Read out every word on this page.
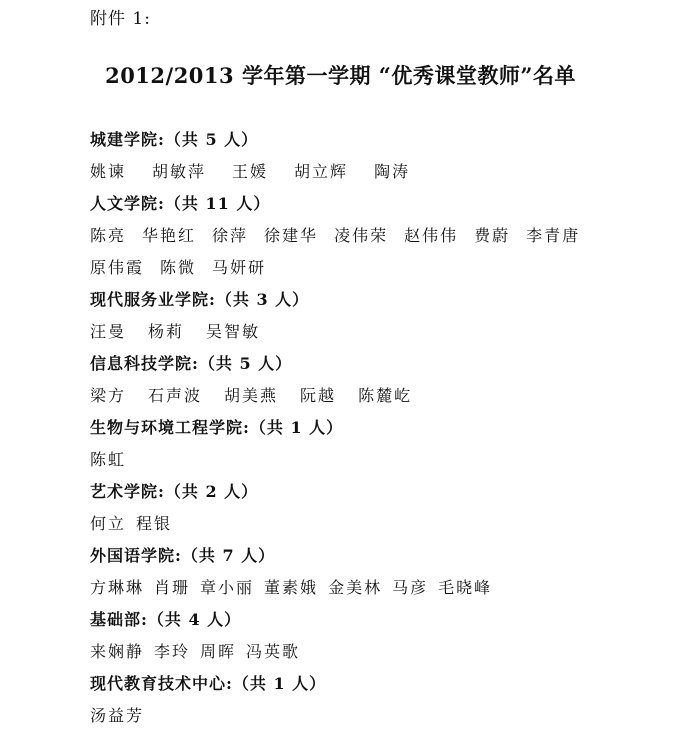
附件 1:
2012/2013 学年第一学期 “优秀课堂教师”名单
城建学院:（共 5 人）
姚谏 胡敏萍 王媛 胡立辉 陶涛
人文学院:（共 11 人）
陈亮 华艳红 徐萍 徐建华 凌伟荣 赵伟伟 费蔚 李青唐
原伟霞 陈微 马妍研
现代服务业学院:（共 3 人）
汪曼 杨莉 吴智敏
信息科技学院:（共 5 人）
梁方 石声波 胡美燕 阮越 陈麓屹
生物与环境工程学院:（共 1 人）
陈虹
艺术学院:（共 2 人）
何立 程银
外国语学院:（共 7 人）
方琳琳 肖珊 章小丽 董素娥 金美林 马彦 毛晓峰
基础部:（共 4 人）
来娴静 李玲 周晖 冯英歌
现代教育技术中心:（共 1 人）
汤益芳
